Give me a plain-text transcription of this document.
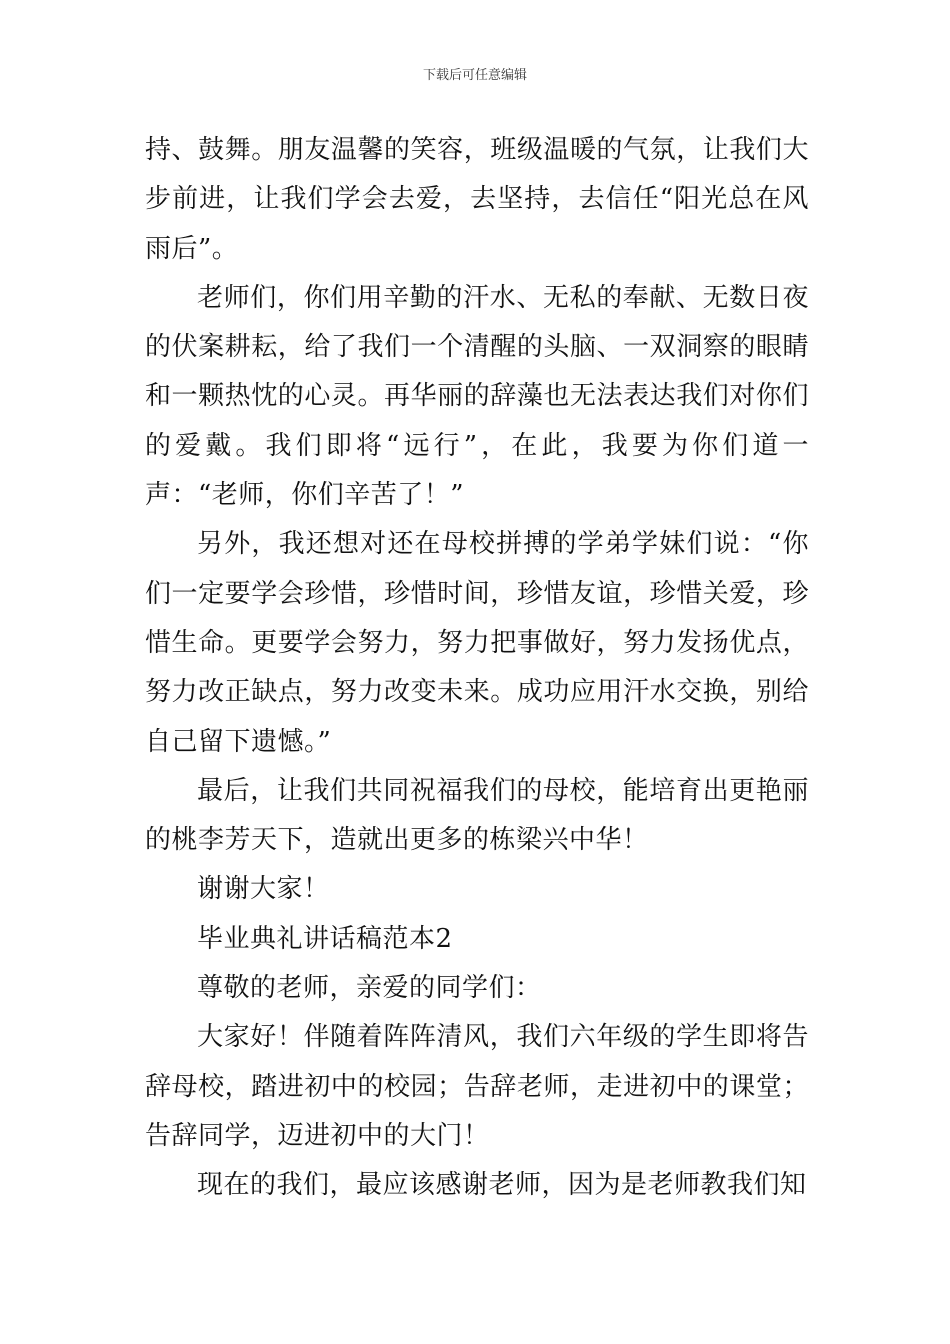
下载后可任意编辑

持、鼓舞。朋友温馨的笑容，班级温暖的气氛，让我们大步前进，让我们学会去爱，去坚持，去信任“阳光总在风雨后”。

老师们，你们用辛勤的汗水、无私的奉献、无数日夜的伏案耕耘，给了我们一个清醒的头脑、一双洞察的眼睛和一颗热忱的心灵。再华丽的辞藻也无法表达我们对你们的爱戴。我们即将“远行”，在此，我要为你们道一声：“老师，你们辛苦了！”

另外，我还想对还在母校拼搏的学弟学妹们说：“你们一定要学会珍惜，珍惜时间，珍惜友谊，珍惜关爱，珍惜生命。更要学会努力，努力把事做好，努力发扬优点，努力改正缺点，努力改变未来。成功应用汗水交换，别给自己留下遗憾。”

最后，让我们共同祝福我们的母校，能培育出更艳丽的桃李芳天下，造就出更多的栋梁兴中华！

谢谢大家！

毕业典礼讲话稿范本2

尊敬的老师，亲爱的同学们：

大家好！伴随着阵阵清风，我们六年级的学生即将告辞母校，踏进初中的校园；告辞老师，走进初中的课堂；告辞同学，迈进初中的大门！

现在的我们，最应该感谢老师，因为是老师教我们知
